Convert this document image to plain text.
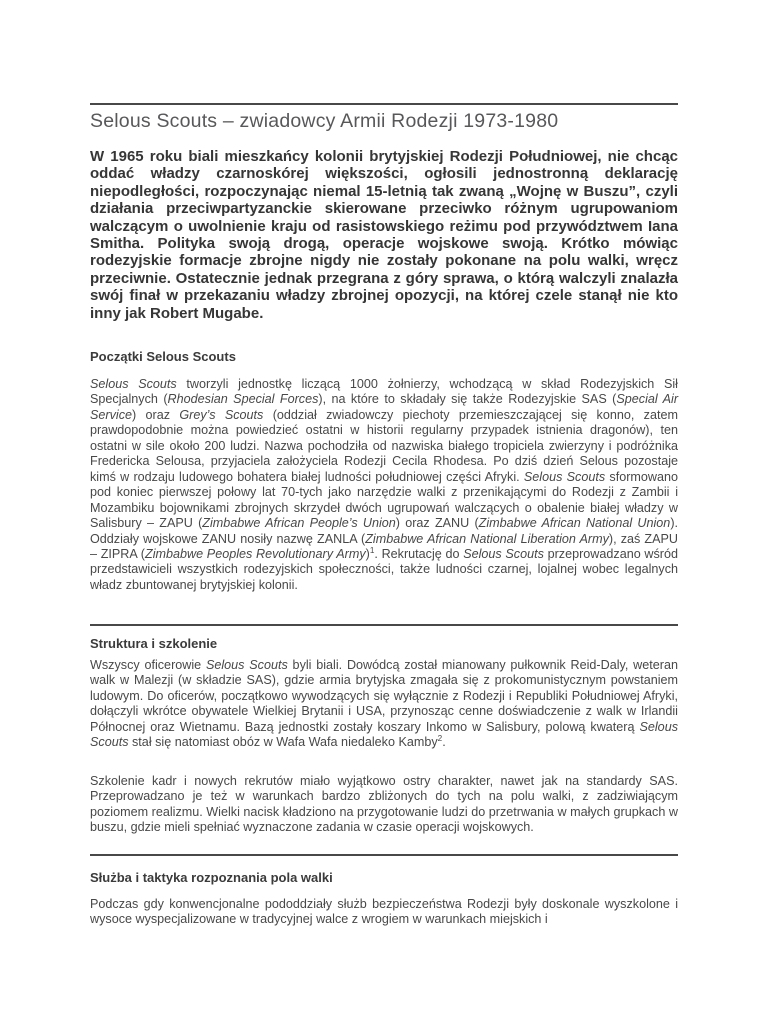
Selous Scouts – zwiadowcy Armii Rodezji 1973-1980

W 1965 roku biali mieszkańcy kolonii brytyjskiej Rodezji Południowej, nie chcąc oddać władzy czarnoskórej większości, ogłosili jednostronną deklarację niepodległości, rozpoczynając niemal 15-letnią tak zwaną „Wojnę w Buszu”, czyli działania przeciwpartyzanckie skierowane przeciwko różnym ugrupowaniom walczącym o uwolnienie kraju od rasistowskiego reżimu pod przywództwem Iana Smitha. Polityka swoją drogą, operacje wojskowe swoją. Krótko mówiąc rodezyjskie formacje zbrojne nigdy nie zostały pokonane na polu walki, wręcz przeciwnie. Ostatecznie jednak przegrana z góry sprawa, o którą walczyli znalazła swój finał w przekazaniu władzy zbrojnej opozycji, na której czele stanął nie kto inny jak Robert Mugabe.

Początki Selous Scouts

Selous Scouts tworzyli jednostkę liczącą 1000 żołnierzy, wchodzącą w skład Rodezyjskich Sił Specjalnych (Rhodesian Special Forces), na które to składały się także Rodezyjskie SAS (Special Air Service) oraz Grey’s Scouts (oddział zwiadowczy piechoty przemieszczającej się konno, zatem prawdopodobnie można powiedzieć ostatni w historii regularny przypadek istnienia dragonów), ten ostatni w sile około 200 ludzi. Nazwa pochodziła od nazwiska białego tropiciela zwierzyny i podróżnika Fredericka Selousa, przyjaciela założyciela Rodezji Cecila Rhodesa. Po dziś dzień Selous pozostaje kimś w rodzaju ludowego bohatera białej ludności południowej części Afryki. Selous Scouts sformowano pod koniec pierwszej połowy lat 70-tych jako narzędzie walki z przenikającymi do Rodezji z Zambii i Mozambiku bojownikami zbrojnych skrzydeł dwóch ugrupowań walczących o obalenie białej władzy w Salisbury – ZAPU (Zimbabwe African People’s Union) oraz ZANU (Zimbabwe African National Union). Oddziały wojskowe ZANU nosiły nazwę ZANLA (Zimbabwe African National Liberation Army), zaś ZAPU – ZIPRA (Zimbabwe Peoples Revolutionary Army)$^1$. Rekrutację do Selous Scouts przeprowadzano wśród przedstawicieli wszystkich rodezyjskich społeczności, także ludności czarnej, lojalnej wobec legalnych władz zbuntowanej brytyjskiej kolonii.

Struktura i szkolenie

Wszyscy oficerowie Selous Scouts byli biali. Dowódcą został mianowany pułkownik Reid-Daly, weteran walk w Malezji (w składzie SAS), gdzie armia brytyjska zmagała się z prokomunistycznym powstaniem ludowym. Do oficerów, początkowo wywodzących się wyłącznie z Rodezji i Republiki Południowej Afryki, dołączyli wkrótce obywatele Wielkiej Brytanii i USA, przynosząc cenne doświadczenie z walk w Irlandii Północnej oraz Wietnamu. Bazą jednostki zostały koszary Inkomo w Salisbury, polową kwaterą Selous Scouts stał się natomiast obóz w Wafa Wafa niedaleko Kamby$^2$.

Szkolenie kadr i nowych rekrutów miało wyjątkowo ostry charakter, nawet jak na standardy SAS. Przeprowadzano je też w warunkach bardzo zbliżonych do tych na polu walki, z zadziwiającym poziomem realizmu. Wielki nacisk kładziono na przygotowanie ludzi do przetrwania w małych grupkach w buszu, gdzie mieli spełniać wyznaczone zadania w czasie operacji wojskowych.

Służba i taktyka rozpoznania pola walki

Podczas gdy konwencjonalne pododdziały służb bezpieczeństwa Rodezji były doskonale wyszkolone i wysoce wyspecjalizowane w tradycyjnej walce z wrogiem w warunkach miejskich i
